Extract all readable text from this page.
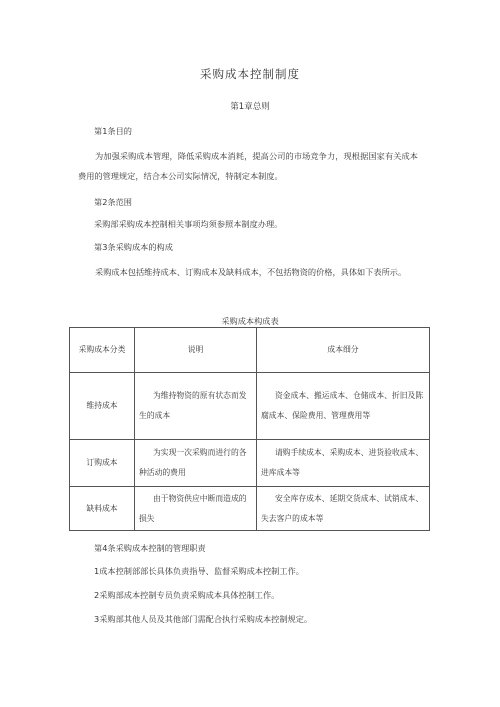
采购成本控制制度
第1章总则
第1条目的
为加强采购成本管理，降低采购成本消耗，提高公司的市场竞争力，现根据国家有关成本费用的管理规定，结合本公司实际情况，特制定本制度。
第2条范围
采购部采购成本控制相关事项均须参照本制度办理。
第3条采购成本的构成
采购成本包括维持成本、订购成本及缺料成本，不包括物资的价格，具体如下表所示。
采购成本构成表
采购成本分类	说明	成本细分
维持成本	为维持物资的原有状态而发生的成本	资金成本、搬运成本、仓储成本、折旧及陈腐成本、保险费用、管理费用等
订购成本	为实现一次采购而进行的各种活动的费用	请购手续成本、采购成本、进货验收成本、进库成本等
缺料成本	由于物资供应中断而造成的损失	安全库存成本、延期交货成本、试销成本、失去客户的成本等
第4条采购成本控制的管理职责
1成本控制部部长具体负责指导、监督采购成本控制工作。
2采购部成本控制专员负责采购成本具体控制工作。
3采购部其他人员及其他部门需配合执行采购成本控制规定。
